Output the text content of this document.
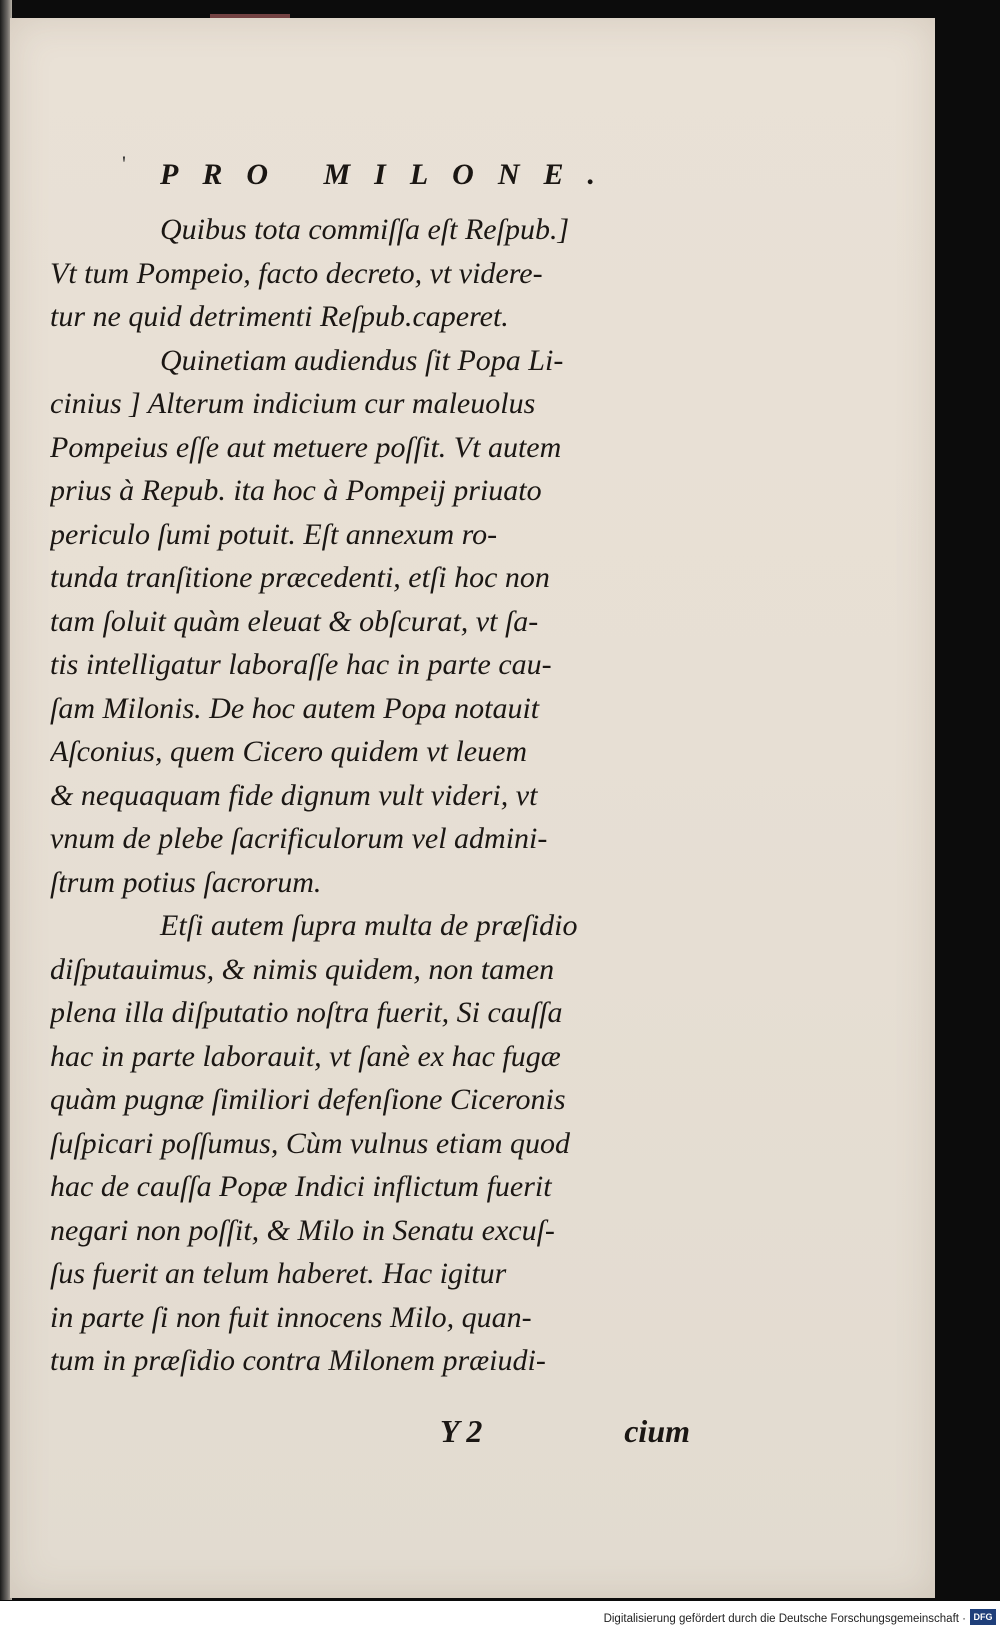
' PRO MILONE.
Quibus tota commiſſa eſt Reſpub.]
Vt tum Pompeio, facto decreto, vt videre-
tur ne quid detrimenti Reſpub.caperet.
Quinetiam audiendus ſit Popa Li-
cinius ] Alterum indicium cur maleuolus
Pompeius eſſe aut metuere poſſit. Vt autem
prius à Repub. ita hoc à Pompeij priuato
periculo ſumi potuit. Eſt annexum ro-
tunda tranſitione præcedenti, etſi hoc non
tam ſoluit quàm eleuat & obſcurat, vt ſa-
tis intelligatur laboraſſe hac in parte cau-
ſam Milonis. De hoc autem Popa notauit
Aſconius, quem Cicero quidem vt leuem
& nequaquam fide dignum vult videri, vt
vnum de plebe ſacrificulorum vel admini-
ſtrum potius ſacrorum.
Etſi autem ſupra multa de præſidio
diſputauimus, & nimis quidem, non tamen
plena illa diſputatio noſtra fuerit, Si cauſſa
hac in parte laborauit, vt ſanè ex hac fugæ
quàm pugnæ ſimiliori defenſione Ciceronis
ſuſpicari poſſumus, Cùm vulnus etiam quod
hac de cauſſa Popæ Indici inflictum fuerit
negari non poſſit, & Milo in Senatu excuſ-
ſus fuerit an telum haberet. Hac igitur
in parte ſi non fuit innocens Milo, quan-
tum in præſidio contra Milonem præiudi-
Y 2	cium
Digitalisierung gefördert durch die Deutsche Forschungsgemeinschaft · DFG
